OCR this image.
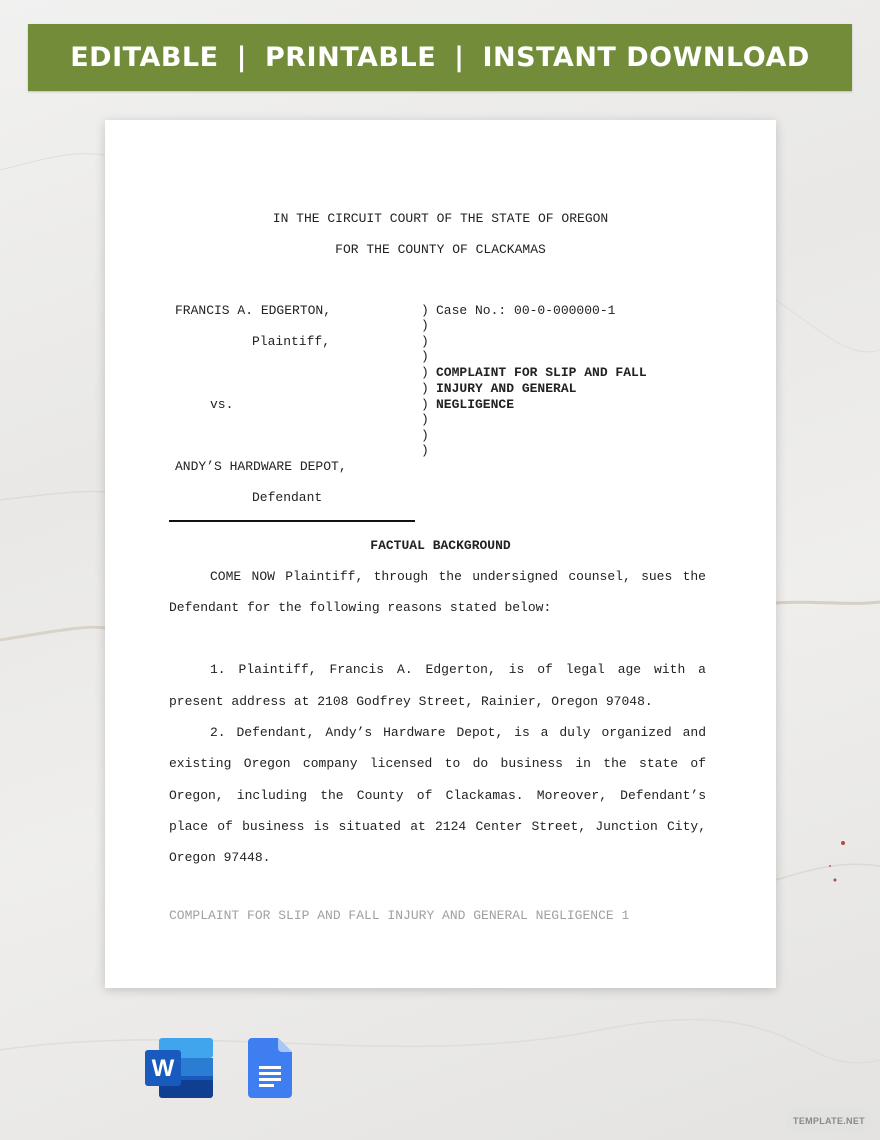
EDITABLE | PRINTABLE | INSTANT DOWNLOAD
IN THE CIRCUIT COURT OF THE STATE OF OREGON
FOR THE COUNTY OF CLACKAMAS
FRANCIS A. EDGERTON,
Plaintiff,
vs.
ANDY’S HARDWARE DEPOT,
Defendant
)
)
)
)
)
)
)
)
)
)
Case No.: 00-0-000000-1
COMPLAINT FOR SLIP AND FALL
INJURY AND GENERAL
NEGLIGENCE
FACTUAL BACKGROUND
COME NOW Plaintiff, through the undersigned counsel, sues the
Defendant for the following reasons stated below:
1. Plaintiff, Francis A. Edgerton, is of legal age with a
present address at 2108 Godfrey Street, Rainier, Oregon 97048.
2. Defendant, Andy’s Hardware Depot, is a duly organized and
existing Oregon company licensed to do business in the state of
Oregon, including the County of Clackamas. Moreover, Defendant’s
place of business is situated at 2124 Center Street, Junction City,
Oregon 97448.
COMPLAINT FOR SLIP AND FALL INJURY AND GENERAL NEGLIGENCE 1
W
TEMPLATE.NET
